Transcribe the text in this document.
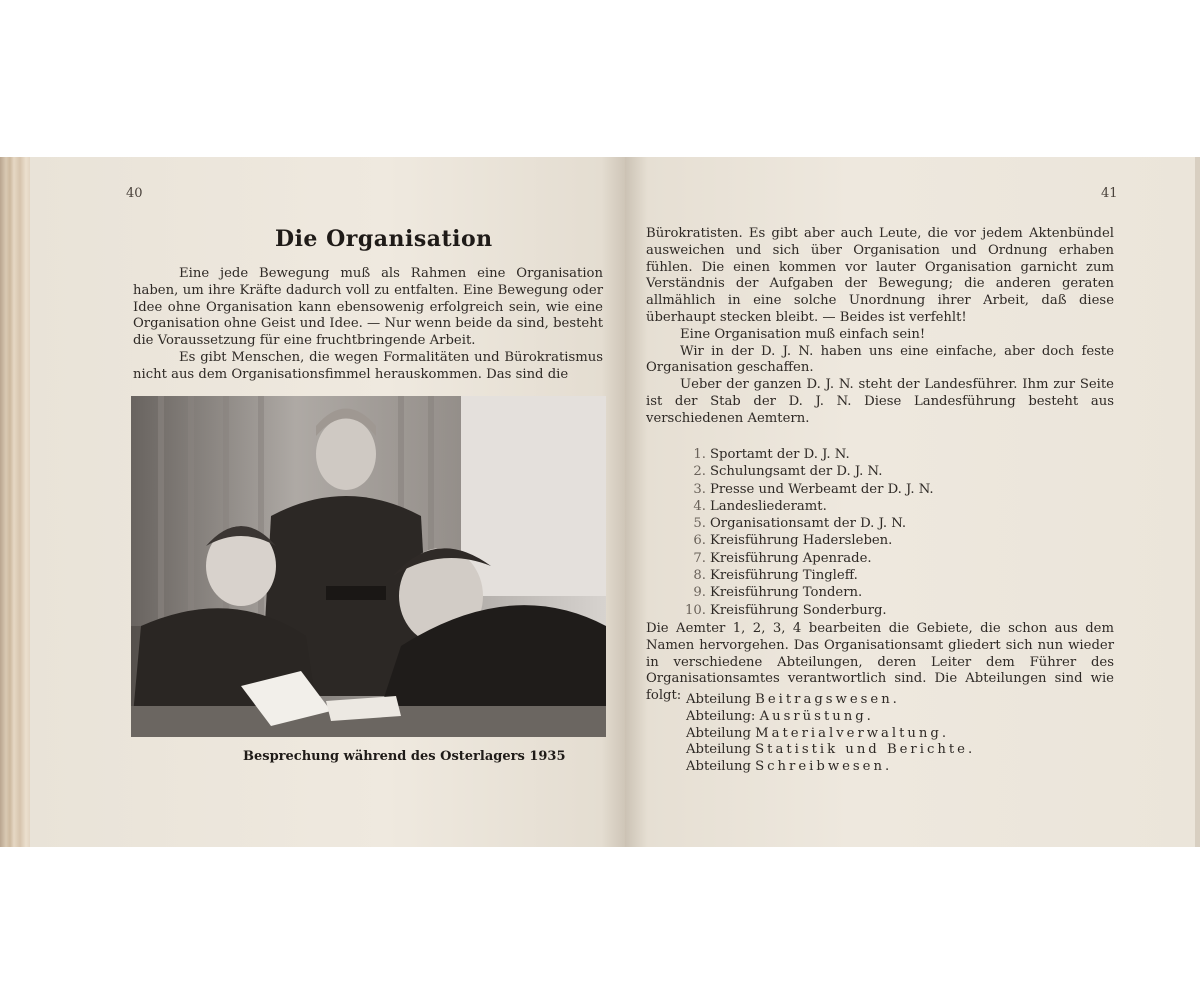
40
Die Organisation

Eine jede Bewegung muß als Rahmen eine Organisation haben, um ihre Kräfte dadurch voll zu entfalten. Eine Bewegung oder Idee ohne Organisation kann ebensowenig erfolgreich sein, wie eine Organisation ohne Geist und Idee. — Nur wenn beide da sind, besteht die Voraussetzung für eine fruchtbringende Arbeit.

Es gibt Menschen, die wegen Formalitäten und Bürokratismus nicht aus dem Organisationsfimmel herauskommen. Das sind die

Besprechung während des Osterlagers 1935
41

Bürokratisten. Es gibt aber auch Leute, die vor jedem Aktenbündel ausweichen und sich über Organisation und Ordnung erhaben fühlen. Die einen kommen vor lauter Organisation garnicht zum Verständnis der Aufgaben der Bewegung; die anderen geraten allmählich in eine solche Unordnung ihrer Arbeit, daß diese überhaupt stecken bleibt. — Beides ist verfehlt!

Eine Organisation muß einfach sein!

Wir in der D. J. N. haben uns eine einfache, aber doch feste Organisation geschaffen.

Ueber der ganzen D. J. N. steht der Landesführer. Ihm zur Seite ist der Stab der D. J. N. Diese Landesführung besteht aus verschiedenen Aemtern.

1. Sportamt der D. J. N.
2. Schulungsamt der D. J. N.
3. Presse und Werbeamt der D. J. N.
4. Landesliederamt.
5. Organisationsamt der D. J. N.
6. Kreisführung Hadersleben.
7. Kreisführung Apenrade.
8. Kreisführung Tingleff.
9. Kreisführung Tondern.
10. Kreisführung Sonderburg.

Die Aemter 1, 2, 3, 4 bearbeiten die Gebiete, die schon aus dem Namen hervorgehen. Das Organisationsamt gliedert sich nun wieder in verschiedene Abteilungen, deren Leiter dem Führer des Organisationsamtes verantwortlich sind. Die Abteilungen sind wie folgt: Abteilung Beitragswesen.
Abteilung: Ausrüstung.
Abteilung Materialverwaltung.
Abteilung Statistik und Berichte.
Abteilung Schreibwesen.
